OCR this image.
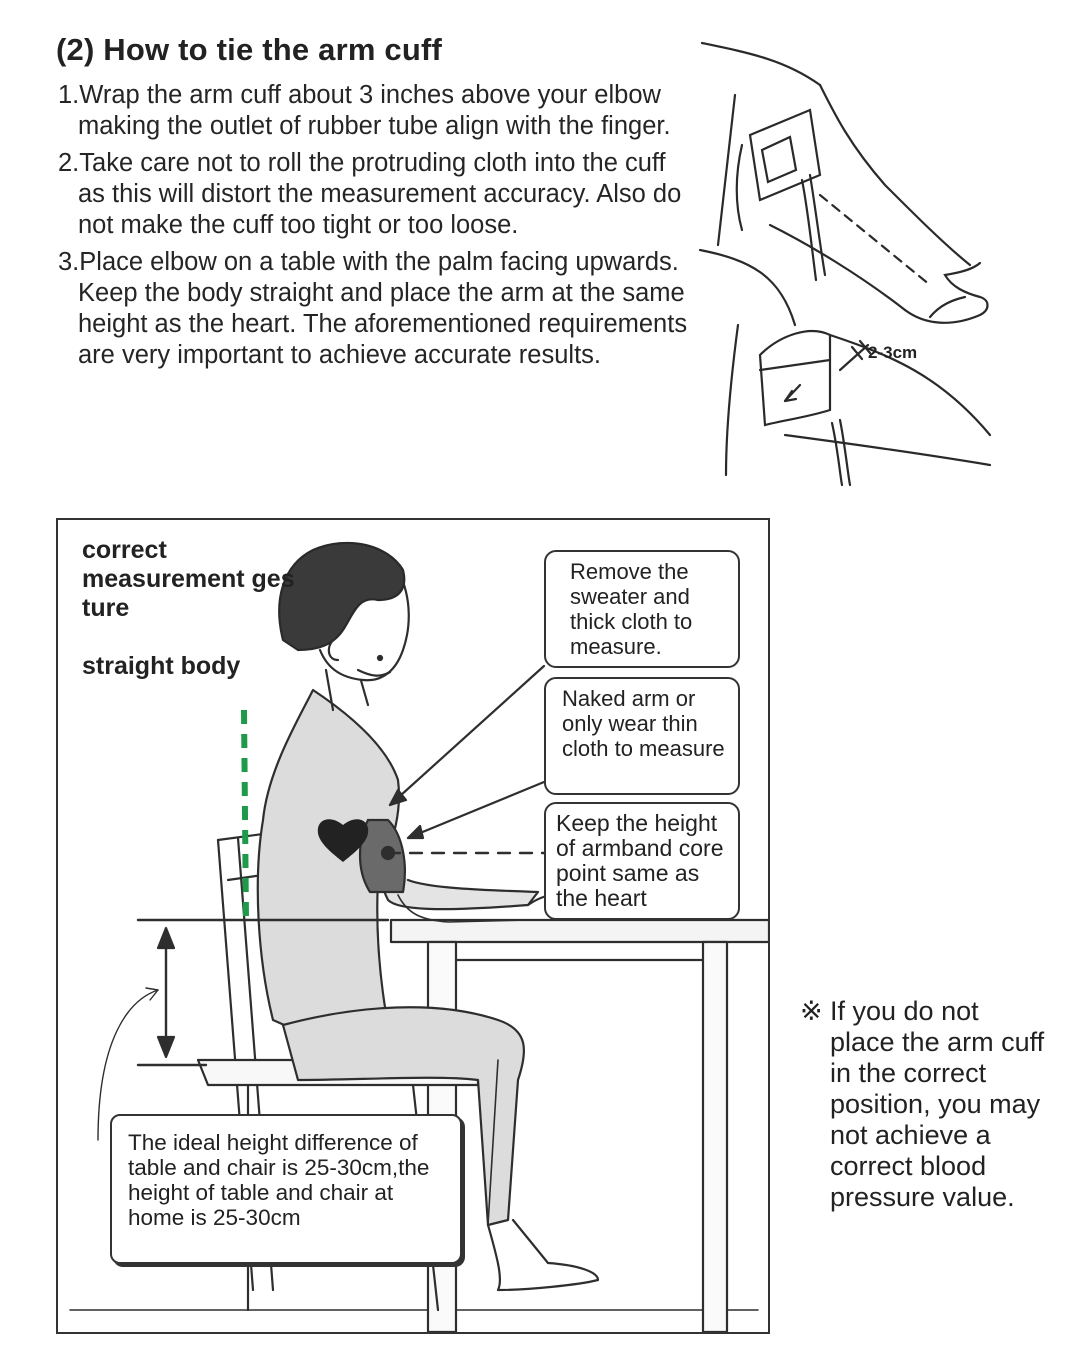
(2) How to tie the arm cuff
1.Wrap the arm cuff about 3 inches above your elbow making the outlet of rubber tube align with the finger.
2.Take care not to roll the protruding cloth into the cuff as this will distort the measurement accuracy. Also do not make the cuff too tight or too loose.
3.Place elbow on a table with the palm facing upwards. Keep the body straight and place the arm at the same height as the heart. The aforementioned requirements are very important to achieve accurate results.	2-3cm
correct measurement ges ture
straight body
Remove the sweater and thick cloth to measure.
Naked arm or only wear thin cloth to measure
Keep the height of armband core point same as the heart
The ideal height difference of table and chair is 25-30cm,the height of table and chair at home is 25-30cm
※ If you do not place the arm cuff in the correct position, you may not achieve a correct blood pressure value.
